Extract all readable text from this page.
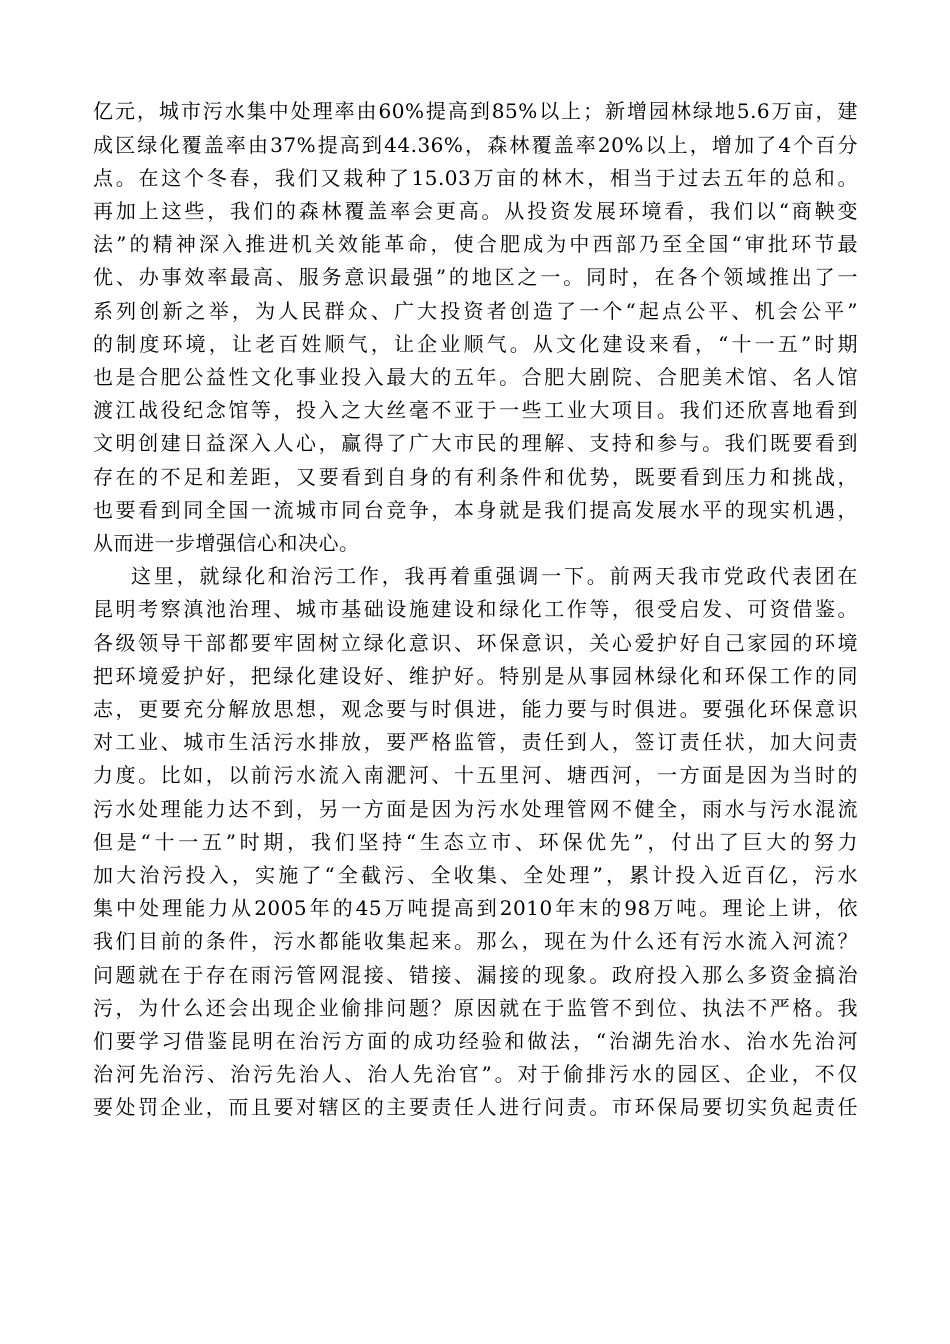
亿元，城市污水集中处理率由60%提高到85%以上；新增园林绿地5.6万亩，建
成区绿化覆盖率由37%提高到44.36%，森林覆盖率20%以上，增加了4个百分
点。在这个冬春，我们又栽种了15.03万亩的林木，相当于过去五年的总和。
再加上这些，我们的森林覆盖率会更高。从投资发展环境看，我们以“商鞅变
法”的精神深入推进机关效能革命，使合肥成为中西部乃至全国“审批环节最
优、办事效率最高、服务意识最强”的地区之一。同时，在各个领域推出了一
系列创新之举，为人民群众、广大投资者创造了一个“起点公平、机会公平”
的制度环境，让老百姓顺气，让企业顺气。从文化建设来看，“十一五”时期
也是合肥公益性文化事业投入最大的五年。合肥大剧院、合肥美术馆、名人馆
渡江战役纪念馆等，投入之大丝毫不亚于一些工业大项目。我们还欣喜地看到
文明创建日益深入人心，赢得了广大市民的理解、支持和参与。我们既要看到
存在的不足和差距，又要看到自身的有利条件和优势，既要看到压力和挑战，
也要看到同全国一流城市同台竞争，本身就是我们提高发展水平的现实机遇，
从而进一步增强信心和决心。
这里，就绿化和治污工作，我再着重强调一下。前两天我市党政代表团在
昆明考察滇池治理、城市基础设施建设和绿化工作等，很受启发、可资借鉴。
各级领导干部都要牢固树立绿化意识、环保意识，关心爱护好自己家园的环境
把环境爱护好，把绿化建设好、维护好。特别是从事园林绿化和环保工作的同
志，更要充分解放思想，观念要与时俱进，能力要与时俱进。要强化环保意识
对工业、城市生活污水排放，要严格监管，责任到人，签订责任状，加大问责
力度。比如，以前污水流入南淝河、十五里河、塘西河，一方面是因为当时的
污水处理能力达不到，另一方面是因为污水处理管网不健全，雨水与污水混流
但是“十一五”时期，我们坚持“生态立市、环保优先”，付出了巨大的努力
加大治污投入，实施了“全截污、全收集、全处理”，累计投入近百亿，污水
集中处理能力从2005年的45万吨提高到2010年末的98万吨。理论上讲，依
我们目前的条件，污水都能收集起来。那么，现在为什么还有污水流入河流？
问题就在于存在雨污管网混接、错接、漏接的现象。政府投入那么多资金搞治
污，为什么还会出现企业偷排问题？原因就在于监管不到位、执法不严格。我
们要学习借鉴昆明在治污方面的成功经验和做法，“治湖先治水、治水先治河
治河先治污、治污先治人、治人先治官”。对于偷排污水的园区、企业，不仅
要处罚企业，而且要对辖区的主要责任人进行问责。市环保局要切实负起责任
